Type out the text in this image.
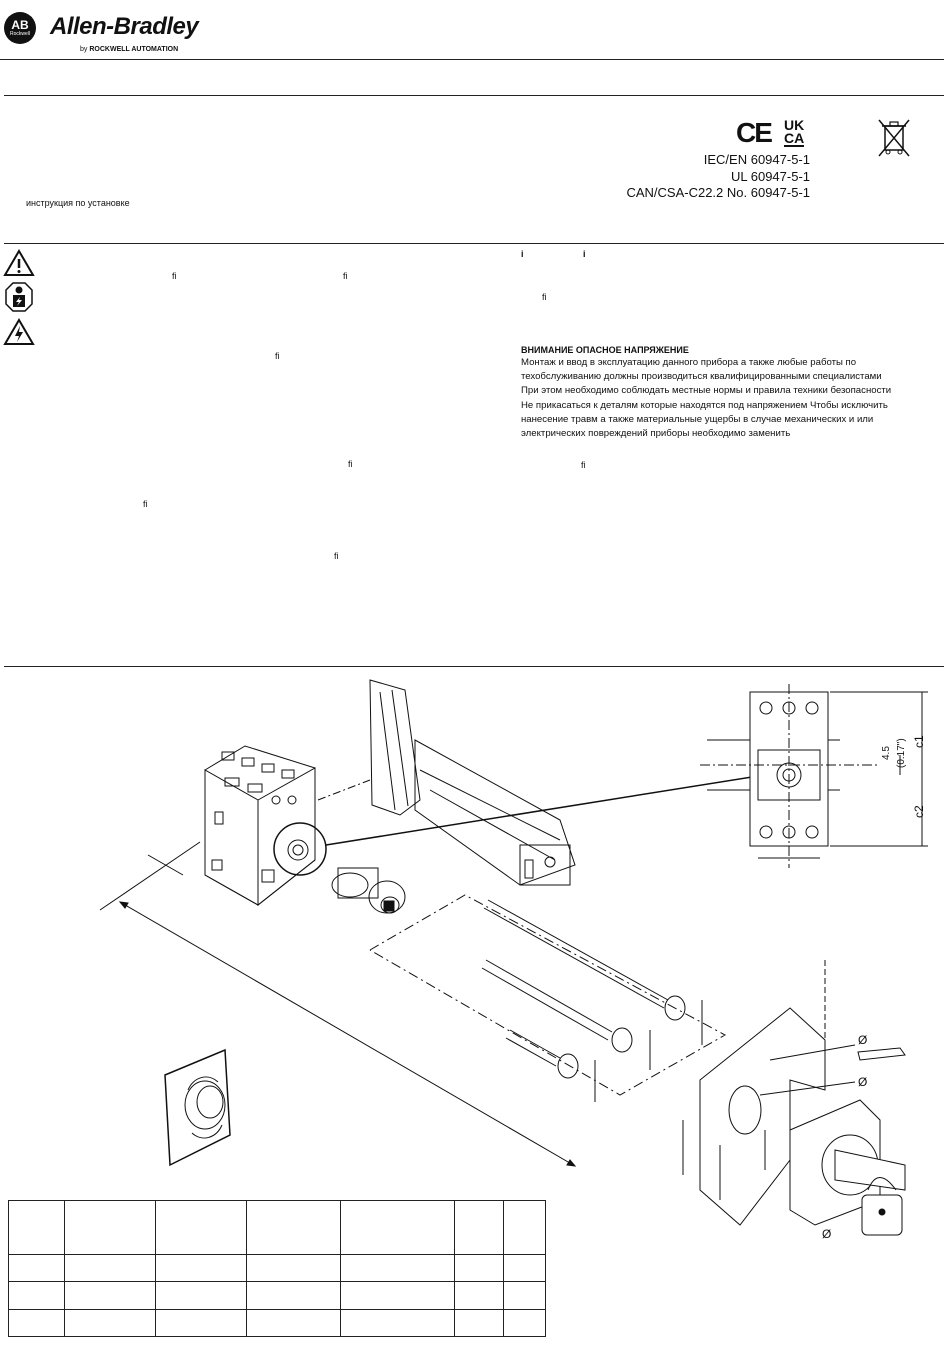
AB
Rockwell Allen-Bradley
by ROCKWELL AUTOMATION
CE UK
CA
IEC/EN 60947-5-1
UL 60947-5-1
CAN/CSA-C22.2 No. 60947-5-1
инструкция по установке
ﬁ	ﬁ
ﬁ
ﬁ
ﬁ
ﬁ
i	i
ﬁ
ﬁ
ВНИМАНИЕ ОПАСНОЕ НАПРЯЖЕНИЕ
Монтаж и ввод в эксплуатацию данного прибора а также любые работы по
техобслуживанию должны производиться квалифицированными специалистами
При этом необходимо соблюдать местные нормы и правила техники безопасности
Не прикасаться к деталям которые находятся под напряжением Чтобы исключить
нанесение травм а также материальные ущербы в случае механических и или
электрических повреждений приборы необходимо заменить
4.5 (0.17") c1
c2
Ø
Ø
Ø
